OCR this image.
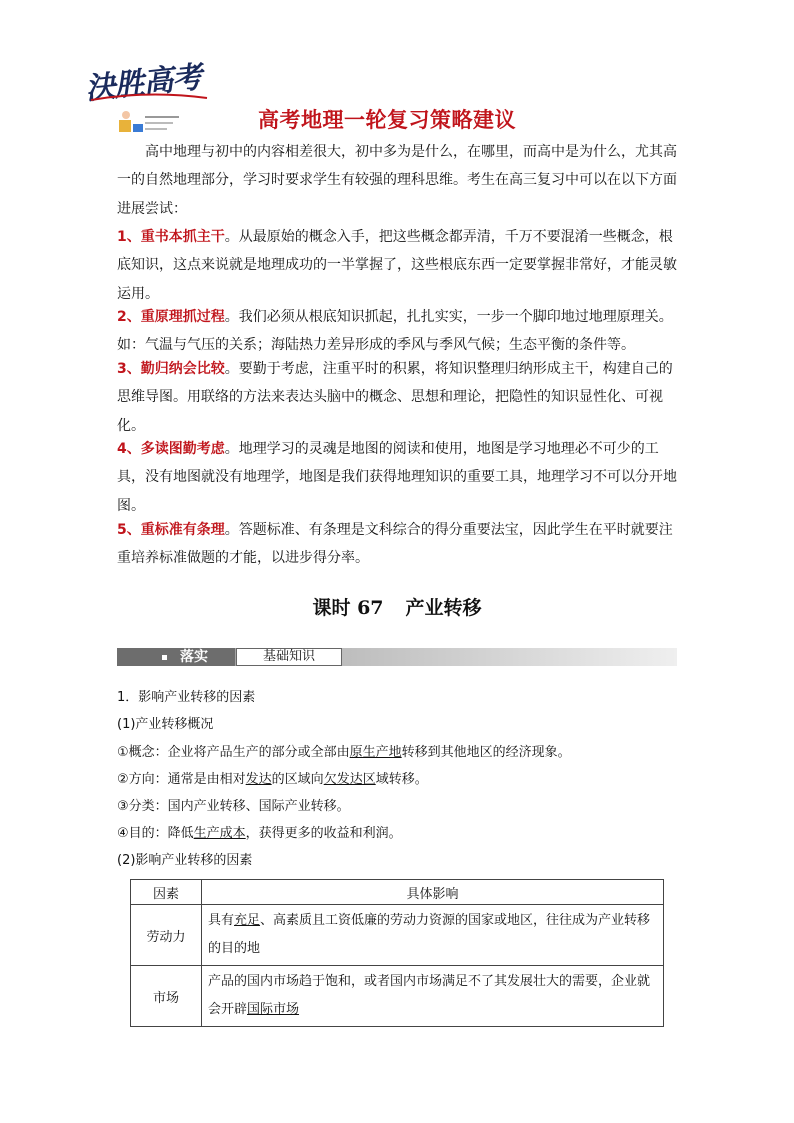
決胜高考
高考地理一轮复习策略建议

高中地理与初中的内容相差很大，初中多为是什么，在哪里，而高中是为什么，尤其高一的自然地理部分，学习时要求学生有较强的理科思维。考生在高三复习中可以在以下方面进展尝试：

1、重书本抓主干。从最原始的概念入手，把这些概念都弄清，千万不要混淆一些概念，根底知识，这点来说就是地理成功的一半掌握了，这些根底东西一定要掌握非常好，才能灵敏运用。
2、重原理抓过程。我们必须从根底知识抓起，扎扎实实，一步一个脚印地过地理原理关。如：气温与气压的关系；海陆热力差异形成的季风与季风气候；生态平衡的条件等。
3、勤归纳会比较。要勤于考虑，注重平时的积累，将知识整理归纳形成主干，构建自己的思维导图。用联络的方法来表达头脑中的概念、思想和理论，把隐性的知识显性化、可视化。
4、多读图勤考虑。地理学习的灵魂是地图的阅读和使用，地图是学习地理必不可少的工具，没有地图就没有地理学，地图是我们获得地理知识的重要工具，地理学习不可以分开地图。
5、重标准有条理。答题标准、有条理是文科综合的得分重要法宝，因此学生在平时就要注重培养标准做题的才能，以进步得分率。
课时 67 产业转移
落实	基础知识
1．影响产业转移的因素
(1)产业转移概况
①概念：企业将产品生产的部分或全部由原生产地转移到其他地区的经济现象。
②方向：通常是由相对发达的区域向欠发达区域转移。
③分类：国内产业转移、国际产业转移。
④目的：降低生产成本，获得更多的收益和利润。
(2)影响产业转移的因素
因素	具体影响
劳动力	具有充足、高素质且工资低廉的劳动力资源的国家或地区，往往成为产业转移的目的地
市场	产品的国内市场趋于饱和，或者国内市场满足不了其发展壮大的需要，企业就会开辟国际市场
